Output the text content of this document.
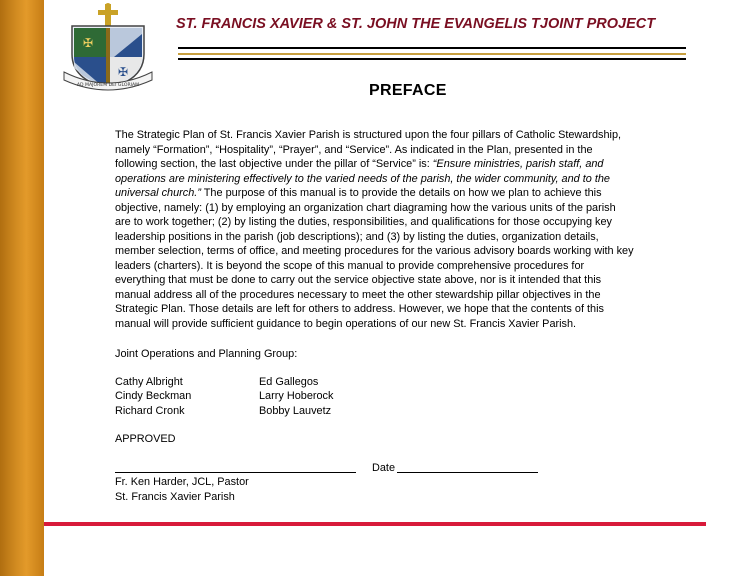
✠
✠
AD MAJOREM DEI GLORIAM
ST. FRANCIS XAVIER & ST. JOHN THE EVANGELIS TJOINT PROJECT
PREFACE
The Strategic Plan of St. Francis Xavier Parish is structured upon the four pillars of Catholic Stewardship,
namely “Formation”, “Hospitality”, “Prayer”, and “Service”. As indicated in the Plan, presented in the
following section, the last objective under the pillar of “Service” is: “Ensure ministries, parish staff, and
operations are ministering effectively to the varied needs of the parish, the wider community, and to the
universal church.” The purpose of this manual is to provide the details on how we plan to achieve this
objective, namely: (1) by employing an organization chart diagraming how the various units of the parish
are to work together; (2) by listing the duties, responsibilities, and qualifications for those occupying key
leadership positions in the parish (job descriptions); and (3) by listing the duties, organization details,
member selection, terms of office, and meeting procedures for the various advisory boards working with key
leaders (charters). It is beyond the scope of this manual to provide comprehensive procedures for
everything that must be done to carry out the service objective state above, nor is it intended that this
manual address all of the procedures necessary to meet the other stewardship pillar objectives in the
Strategic Plan. Those details are left for others to address. However, we hope that the contents of this
manual will provide sufficient guidance to begin operations of our new St. Francis Xavier Parish.
Joint Operations and Planning Group:
Cathy Albright
Cindy Beckman
Richard Cronk
Ed Gallegos
Larry Hoberock
Bobby Lauvetz
APPROVED
Date
Fr. Ken Harder, JCL, Pastor
St. Francis Xavier Parish
